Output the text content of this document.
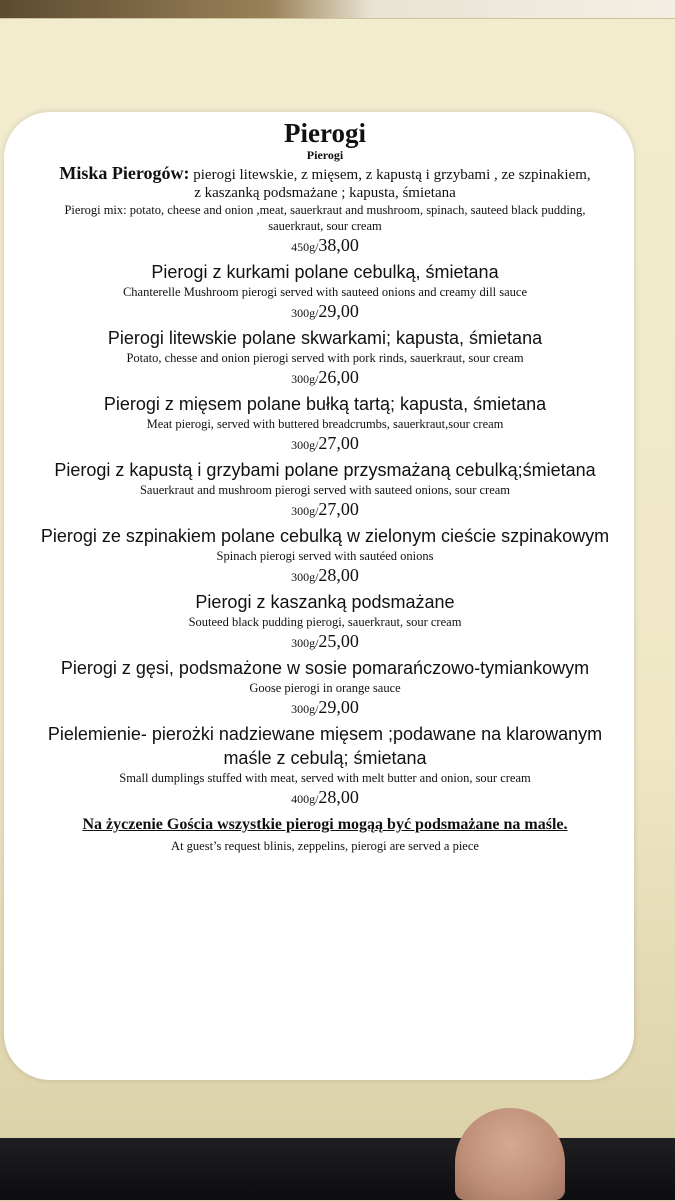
Pierogi
Pierogi

Miska Pierogów: pierogi litewskie, z mięsem, z kapustą i grzybami , ze szpinakiem,

z kaszanką podsmażane ; kapusta, śmietana

Pierogi mix: potato, cheese and onion ,meat, sauerkraut and mushroom, spinach, sauteed black pudding, sauerkraut, sour cream

450g/38,00

Pierogi z kurkami polane cebulką, śmietana

Chanterelle Mushroom pierogi served with sauteed onions and creamy dill sauce

300g/29,00

Pierogi litewskie polane skwarkami; kapusta, śmietana

Potato, chesse and onion pierogi served with pork rinds, sauerkraut, sour cream

300g/26,00

Pierogi z mięsem polane bułką tartą; kapusta, śmietana

Meat pierogi, served with buttered breadcrumbs, sauerkraut,sour cream

300g/27,00

Pierogi z kapustą i grzybami polane przysmażaną cebulką;śmietana

Sauerkraut and mushroom pierogi served with sauteed onions, sour cream

300g/27,00

Pierogi ze szpinakiem polane cebulką w zielonym cieście szpinakowym

Spinach pierogi served with sautéed onions

300g/28,00

Pierogi z kaszanką podsmażane

Souteed black pudding pierogi, sauerkraut, sour cream

300g/25,00

Pierogi z gęsi, podsmażone w sosie pomarańczowo-tymiankowym

Goose pierogi in orange sauce

300g/29,00

Pielemienie- pierożki nadziewane mięsem ;podawane na klarowanym maśle z cebulą; śmietana

Small dumplings stuffed with meat, served with melt butter and onion, sour cream

400g/28,00

Na życzenie Gościa wszystkie pierogi mogąą być podsmażane na maśle.

At guest’s request blinis, zeppelins, pierogi are served a piece
